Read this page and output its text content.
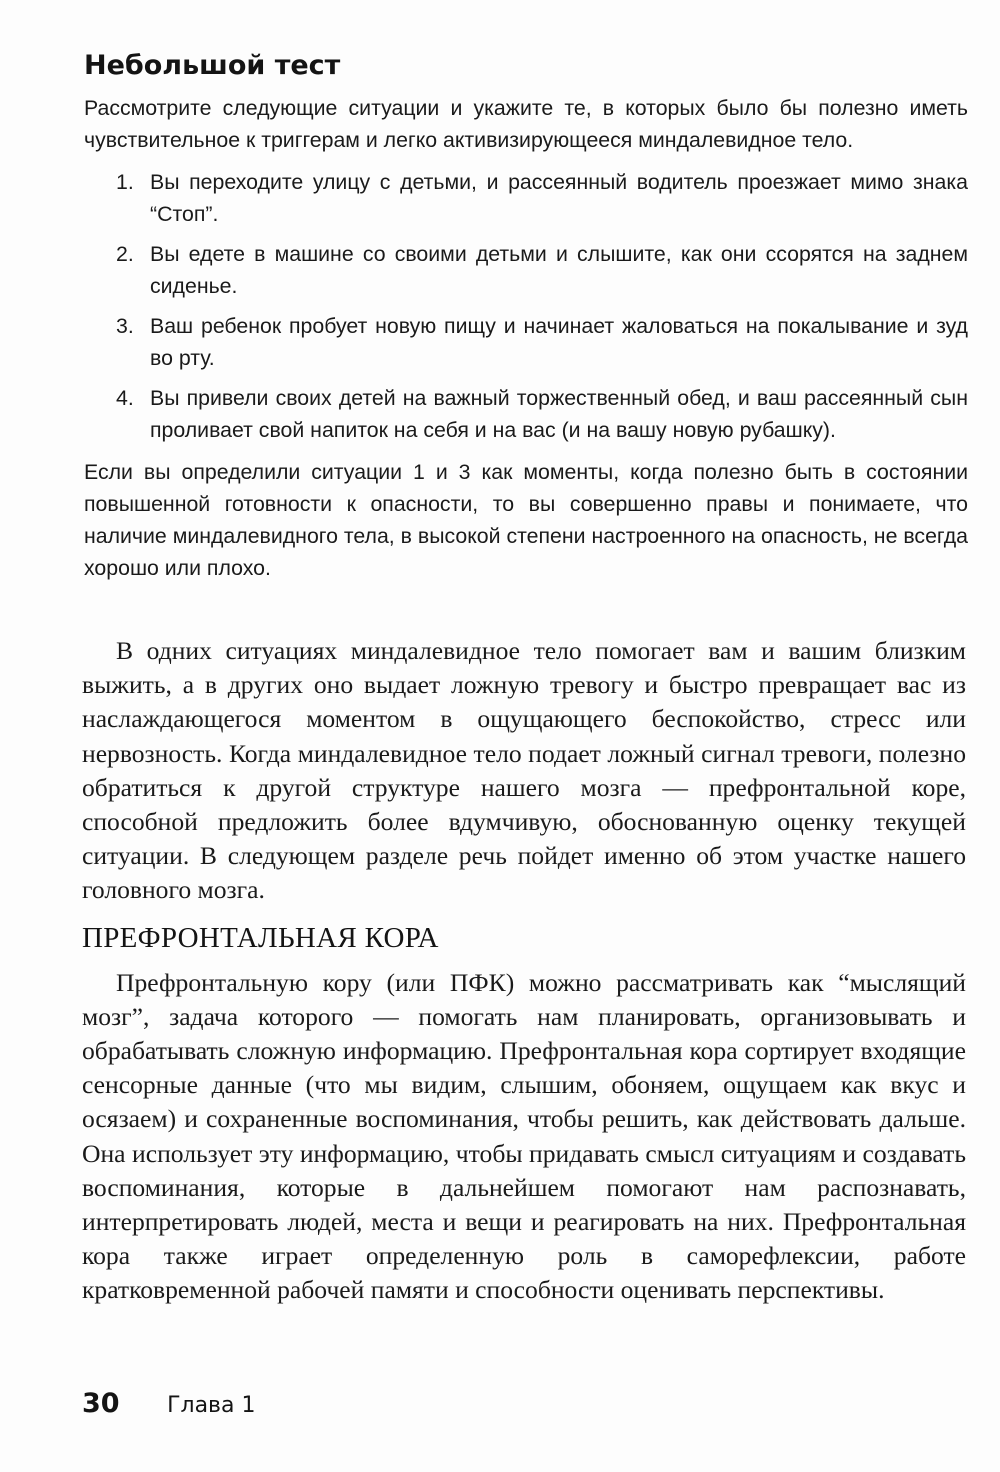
Небольшой тест

Рассмотрите следующие ситуации и укажите те, в которых было бы полезно иметь чувствительное к триггерам и легко активизирующееся миндалевидное тело.

1. Вы переходите улицу с детьми, и рассеянный водитель проезжает мимо знака “Стоп”.
2. Вы едете в машине со своими детьми и слышите, как они ссорятся на заднем сиденье.
3. Ваш ребенок пробует новую пищу и начинает жаловаться на покалывание и зуд во рту.
4. Вы привели своих детей на важный торжественный обед, и ваш рассеянный сын проливает свой напиток на себя и на вас (и на вашу новую рубашку).

Если вы определили ситуации 1 и 3 как моменты, когда полезно быть в состоянии повышенной готовности к опасности, то вы совершенно правы и понимаете, что наличие миндалевидного тела, в высокой степени настроенного на опасность, не всегда хорошо или плохо.

В одних ситуациях миндалевидное тело помогает вам и вашим близким выжить, а в других оно выдает ложную тревогу и быстро превращает вас из наслаждающегося моментом в ощущающего беспокойство, стресс или нервозность. Когда миндалевидное тело подает ложный сигнал тревоги, полезно обратиться к другой структуре нашего мозга — префронтальной коре, способной предложить более вдумчивую, обоснованную оценку текущей ситуации. В следующем разделе речь пойдет именно об этом участке нашего головного мозга.

ПРЕФРОНТАЛЬНАЯ КОРА

Префронтальную кору (или ПФК) можно рассматривать как “мыслящий мозг”, задача которого — помогать нам планировать, организовывать и обрабатывать сложную информацию. Префронтальная кора сортирует входящие сенсорные данные (что мы видим, слышим, обоняем, ощущаем как вкус и осязаем) и сохраненные воспоминания, чтобы решить, как действовать дальше. Она использует эту информацию, чтобы придавать смысл ситуациям и создавать воспоминания, которые в дальнейшем помогают нам распознавать, интерпретировать людей, места и вещи и реагировать на них. Префронтальная кора также играет определенную роль в саморефлексии, работе кратковременной рабочей памяти и способности оценивать перспективы.

30 Глава 1
